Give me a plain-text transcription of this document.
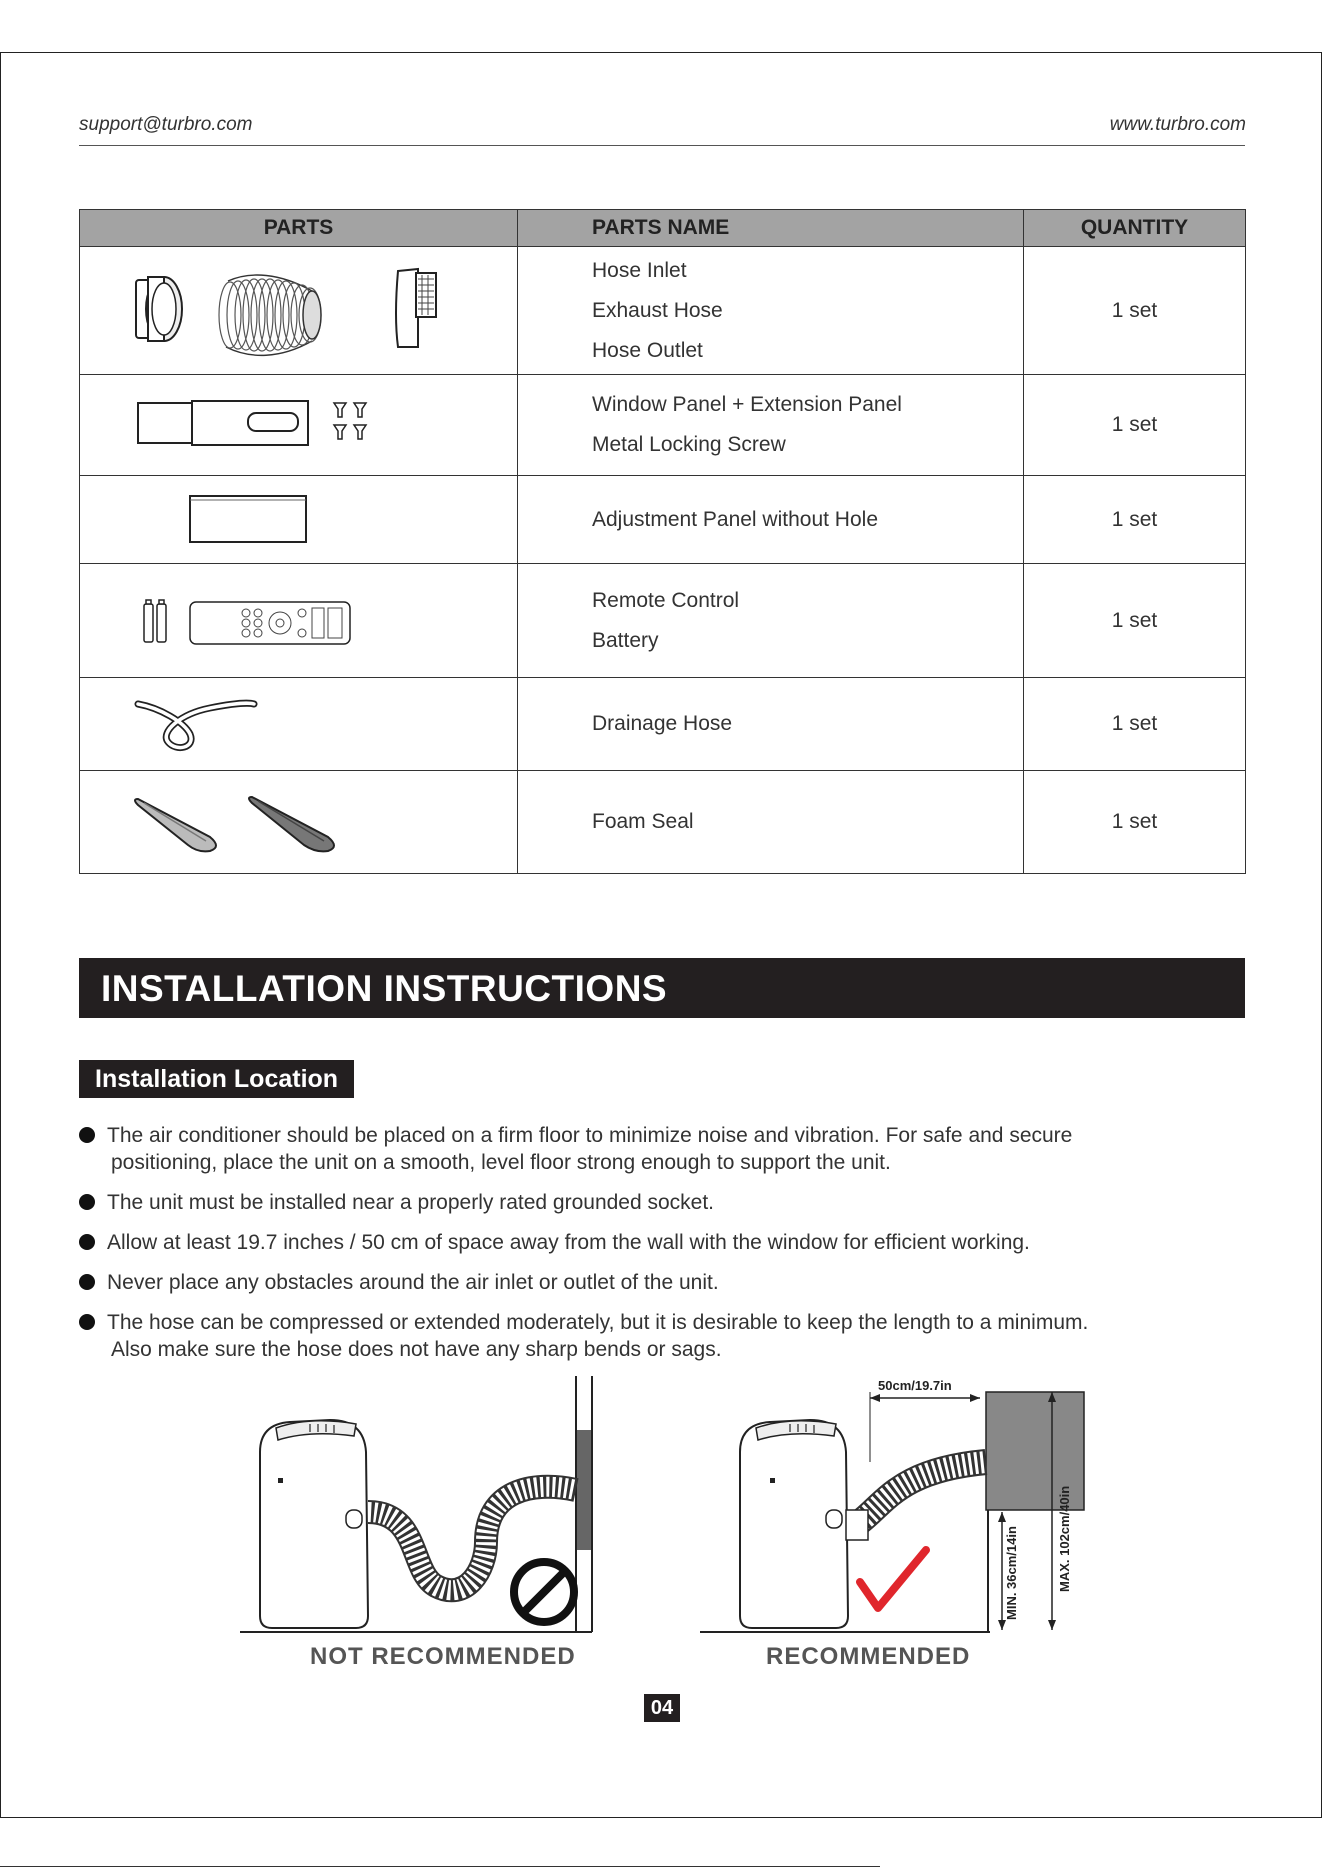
support@turbro.com	www.turbro.com
PARTS	PARTS NAME	QUANTITY

Hose Inlet
Exhaust Hose
Hose Outlet	1 set

Window Panel + Extension Panel
Metal Locking Screw	1 set

Adjustment Panel without Hole	1 set

Remote Control
Battery	1 set

Drainage Hose	1 set

Foam Seal	1 set
INSTALLATION INSTRUCTIONS
Installation Location
The air conditioner should be placed on a firm floor to minimize noise and vibration. For safe and secure
positioning, place the unit on a smooth, level floor strong enough to support the unit.
The unit must be installed near a properly rated grounded socket.
Allow at least 19.7 inches / 50 cm of space away from the wall with the window for efficient working.
Never place any obstacles around the air inlet or outlet of the unit.
The hose can be compressed or extended moderately, but it is desirable to keep the length to a minimum.
Also make sure the hose does not have any sharp bends or sags.
50cm/19.7in
MIN. 36cm/14in	MAX. 102cm/40in
NOT RECOMMENDED	RECOMMENDED
04
